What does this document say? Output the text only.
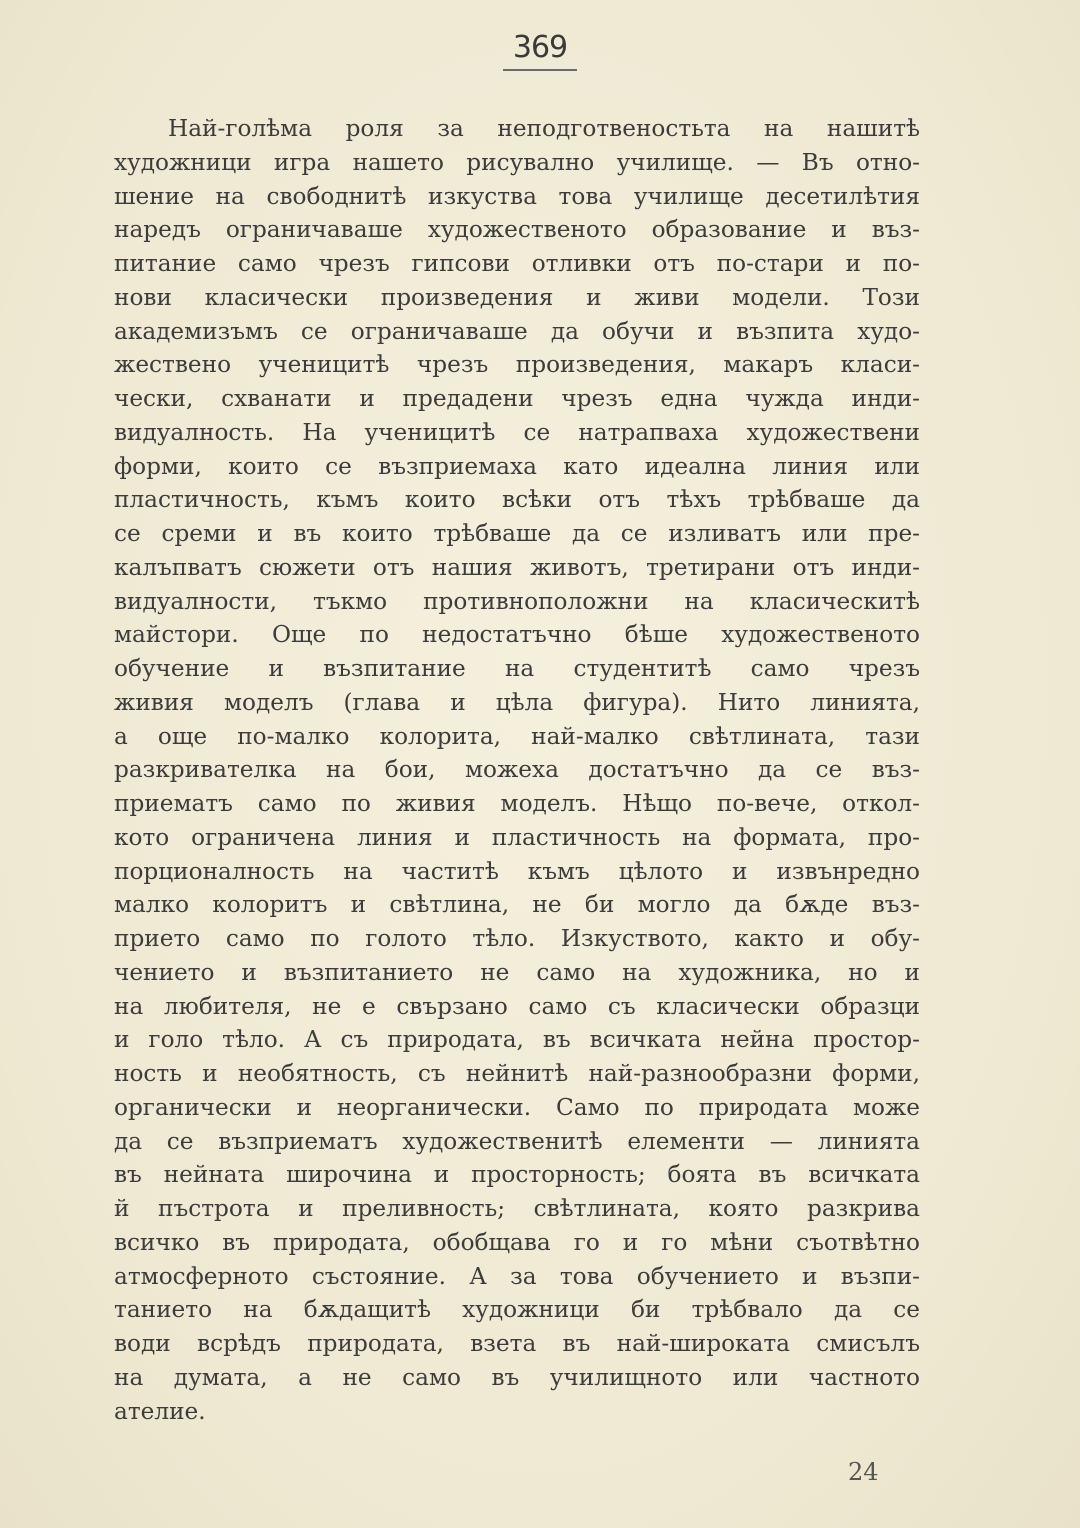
369
Най-голѣма роля за неподготвеностьта на нашитѣ
художници игра нашето рисувално училище. — Въ отно-
шение на свободнитѣ изкуства това училище десетилѣтия
наредъ ограничаваше художественото образование и въз-
питание само чрезъ гипсови отливки отъ по-стари и по-
нови класически произведения и живи модели. Този
академизъмъ се ограничаваше да обучи и възпита худо-
жествено ученицитѣ чрезъ произведения, макаръ класи-
чески, схванати и предадени чрезъ една чужда инди-
видуалность. На ученицитѣ се натрапваха художествени
форми, които се възприемаха като идеална линия или
пластичность, къмъ които всѣки отъ тѣхъ трѣбваше да
се среми и въ които трѣбваше да се изливатъ или пре-
калъпватъ сюжети отъ нашия животъ, третирани отъ инди-
видуалности, тъкмо противноположни на класическитѣ
майстори. Още по недостатъчно бѣше художественото
обучение и възпитание на студентитѣ само чрезъ
живия моделъ (глава и цѣла фигура). Нито линията,
а още по-малко колорита, най-малко свѣтлината, тази
разкривателка на бои, можеха достатъчно да се въз-
приематъ само по живия моделъ. Нѣщо по-вече, откол-
кото ограничена линия и пластичность на формата, про-
порционалность на частитѣ къмъ цѣлото и извънредно
малко колоритъ и свѣтлина, не би могло да бѫде въз-
прието само по голото тѣло. Изкуството, както и обу-
чението и възпитанието не само на художника, но и
на любителя, не е свързано само съ класически образци
и голо тѣло. А съ природата, въ всичката нейна простор-
ность и необятность, съ нейнитѣ най-разнообразни форми,
органически и неорганически. Само по природата може
да се възприематъ художественитѣ елементи — линията
въ нейната широчина и просторность; боята въ всичката
й пъстрота и преливность; свѣтлината, която разкрива
всичко въ природата, обобщава го и го мѣни съотвѣтно
атмосферното състояние. А за това обучението и възпи-
танието на бѫдащитѣ художници би трѣбвало да се
води всрѣдъ природата, взета въ най-широката смисълъ
на думата, а не само въ училищното или частното
ателие.
24
